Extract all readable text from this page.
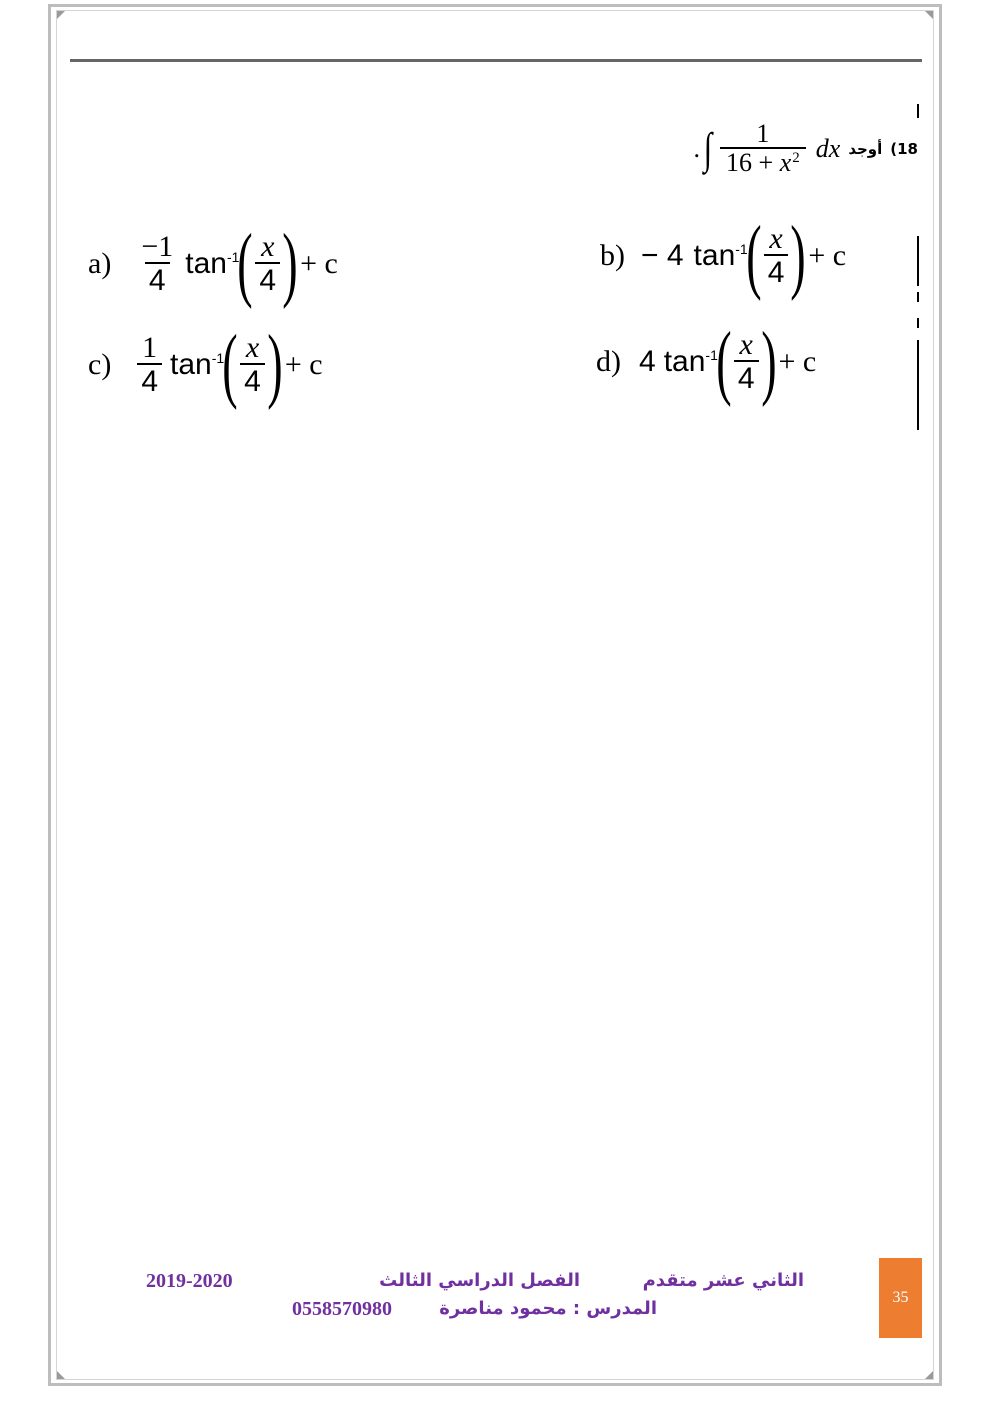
. ∫ $\frac{1}{16 + x^2}$ dx أوجد 18)
$a) \frac{-1}{4} \tan^{-1}$
( $\frac{x}{4}$ ) + c	b) − 4 $\tan^{-1}$
( $\frac{x}{4}$ ) + c
$c) \frac{1}{4} \tan^{-1}$
( $\frac{x}{4}$ ) + c	d) 4 $\tan^{-1}$
( $\frac{x}{4}$ ) + c
الثاني عشر متقدم
الفصل الدراسي الثالث
2019-2020
المدرس : محمود مناصرة
0558570980
35
